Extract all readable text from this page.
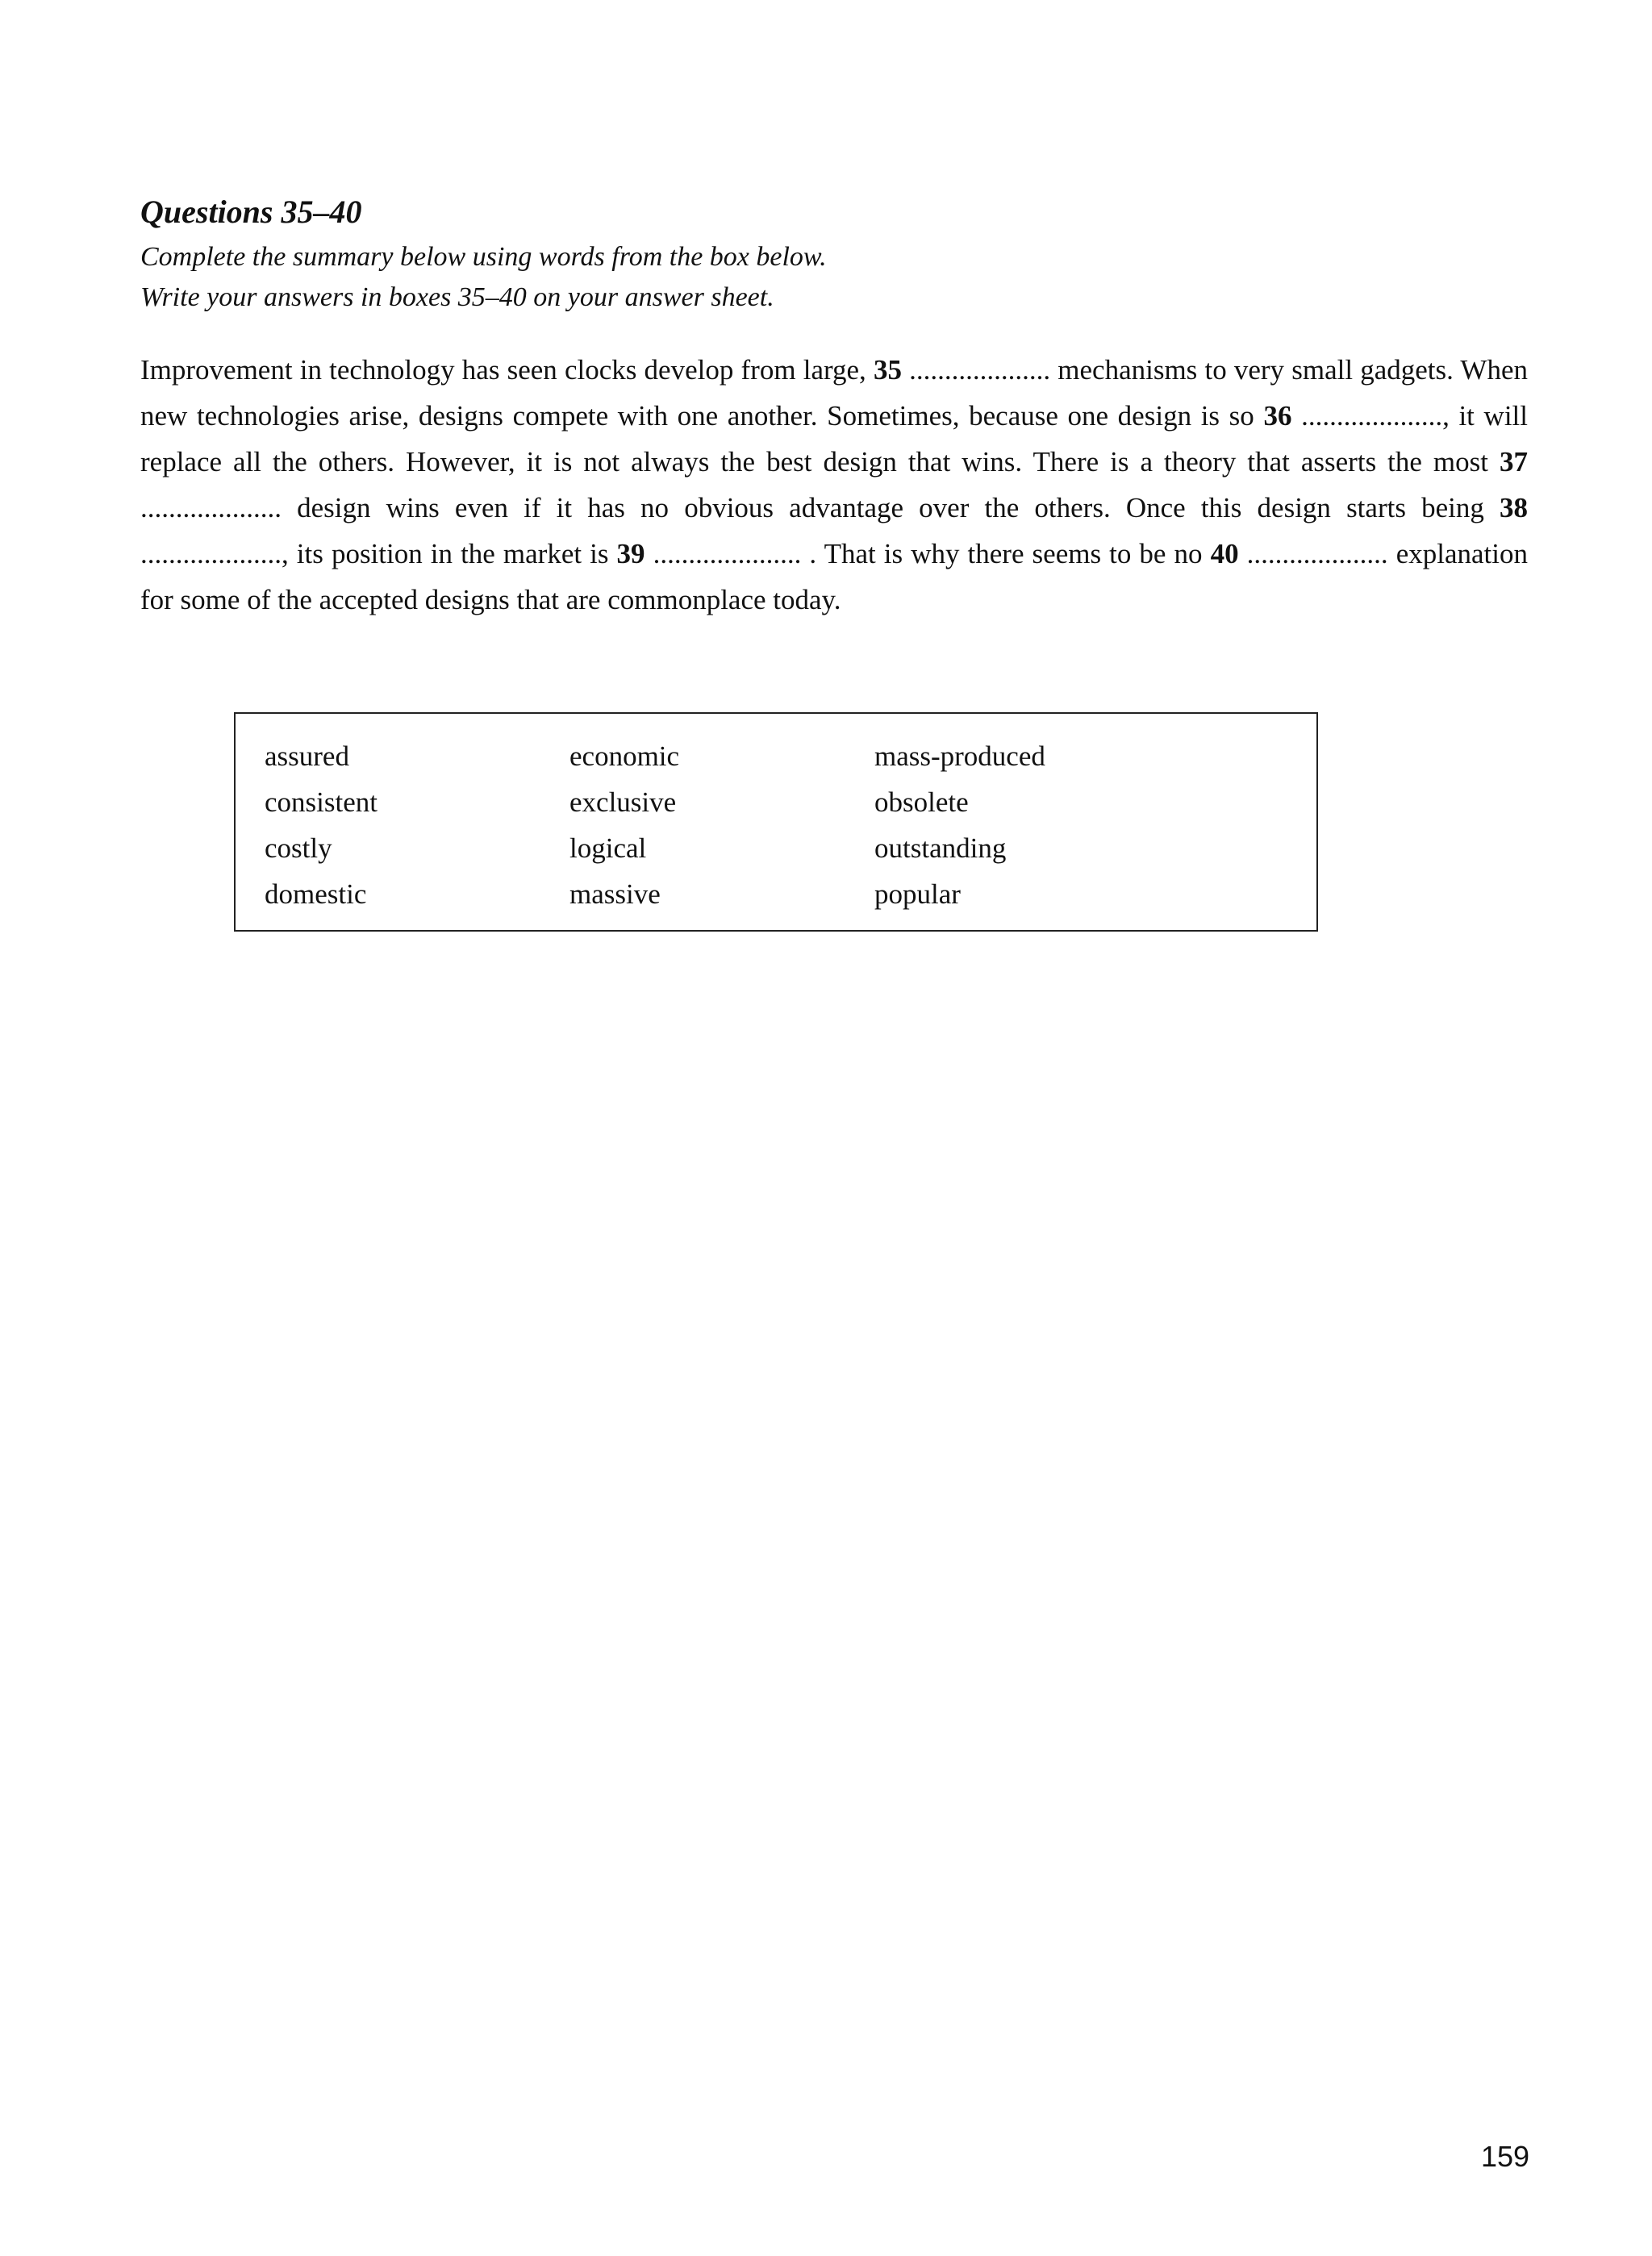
Questions 35–40

Complete the summary below using words from the box below.

Write your answers in boxes 35–40 on your answer sheet.

Improvement in technology has seen clocks develop from large, 35 .................... mechanisms to very small gadgets. When new technologies arise, designs compete with one another. Sometimes, because one design is so 36 ...................., it will replace all the others. However, it is not always the best design that wins. There is a theory that asserts the most 37 .................... design wins even if it has no obvious advantage over the others. Once this design starts being 38 ...................., its position in the market is 39 ..................... . That is why there seems to be no 40 .................... explanation for some of the accepted designs that are commonplace today.
assured	economic	mass-produced
consistent	exclusive	obsolete
costly	logical	outstanding
domestic	massive	popular
159
